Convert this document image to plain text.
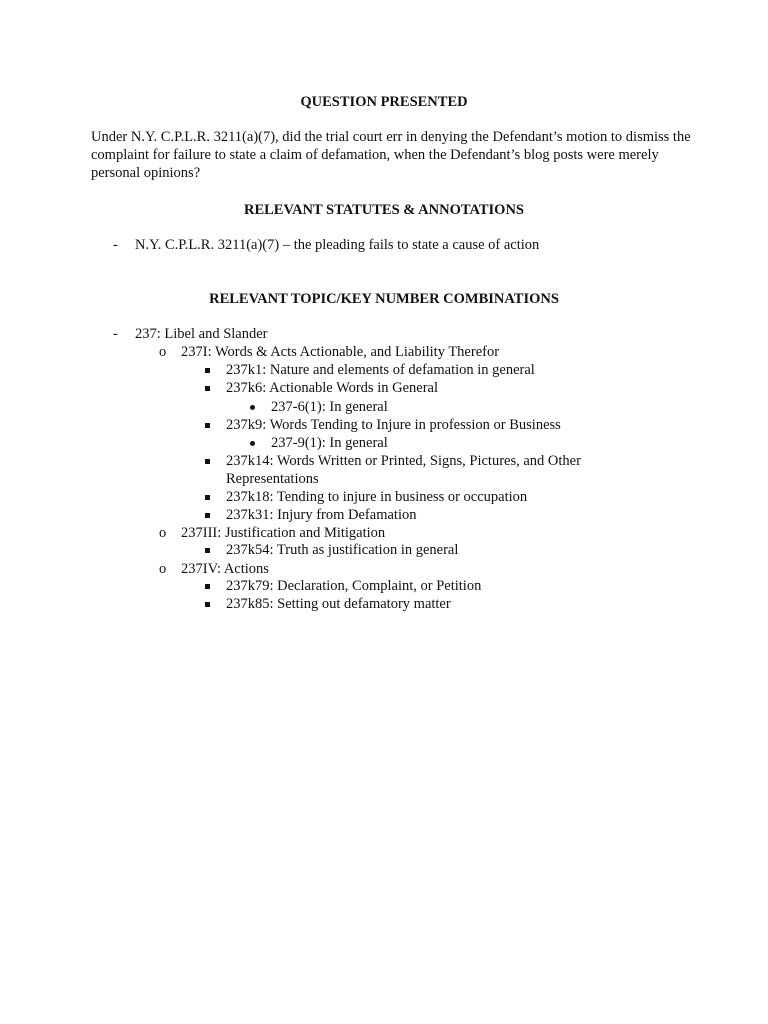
QUESTION PRESENTED
Under N.Y. C.P.L.R. 3211(a)(7), did the trial court err in denying the Defendant’s motion to dismiss the complaint for failure to state a claim of defamation, when the Defendant’s blog posts were merely personal opinions?
RELEVANT STATUTES & ANNOTATIONS
- N.Y. C.P.L.R. 3211(a)(7) – the pleading fails to state a cause of action
RELEVANT TOPIC/KEY NUMBER COMBINATIONS
- 237: Libel and Slander
o 237I: Words & Acts Actionable, and Liability Therefor
237k1: Nature and elements of defamation in general
237k6: Actionable Words in General
237-6(1): In general
237k9: Words Tending to Injure in profession or Business
237-9(1): In general
237k14: Words Written or Printed, Signs, Pictures, and Other
Representations
237k18: Tending to injure in business or occupation
237k31: Injury from Defamation
o 237III: Justification and Mitigation
237k54: Truth as justification in general
o 237IV: Actions
237k79: Declaration, Complaint, or Petition
237k85: Setting out defamatory matter
